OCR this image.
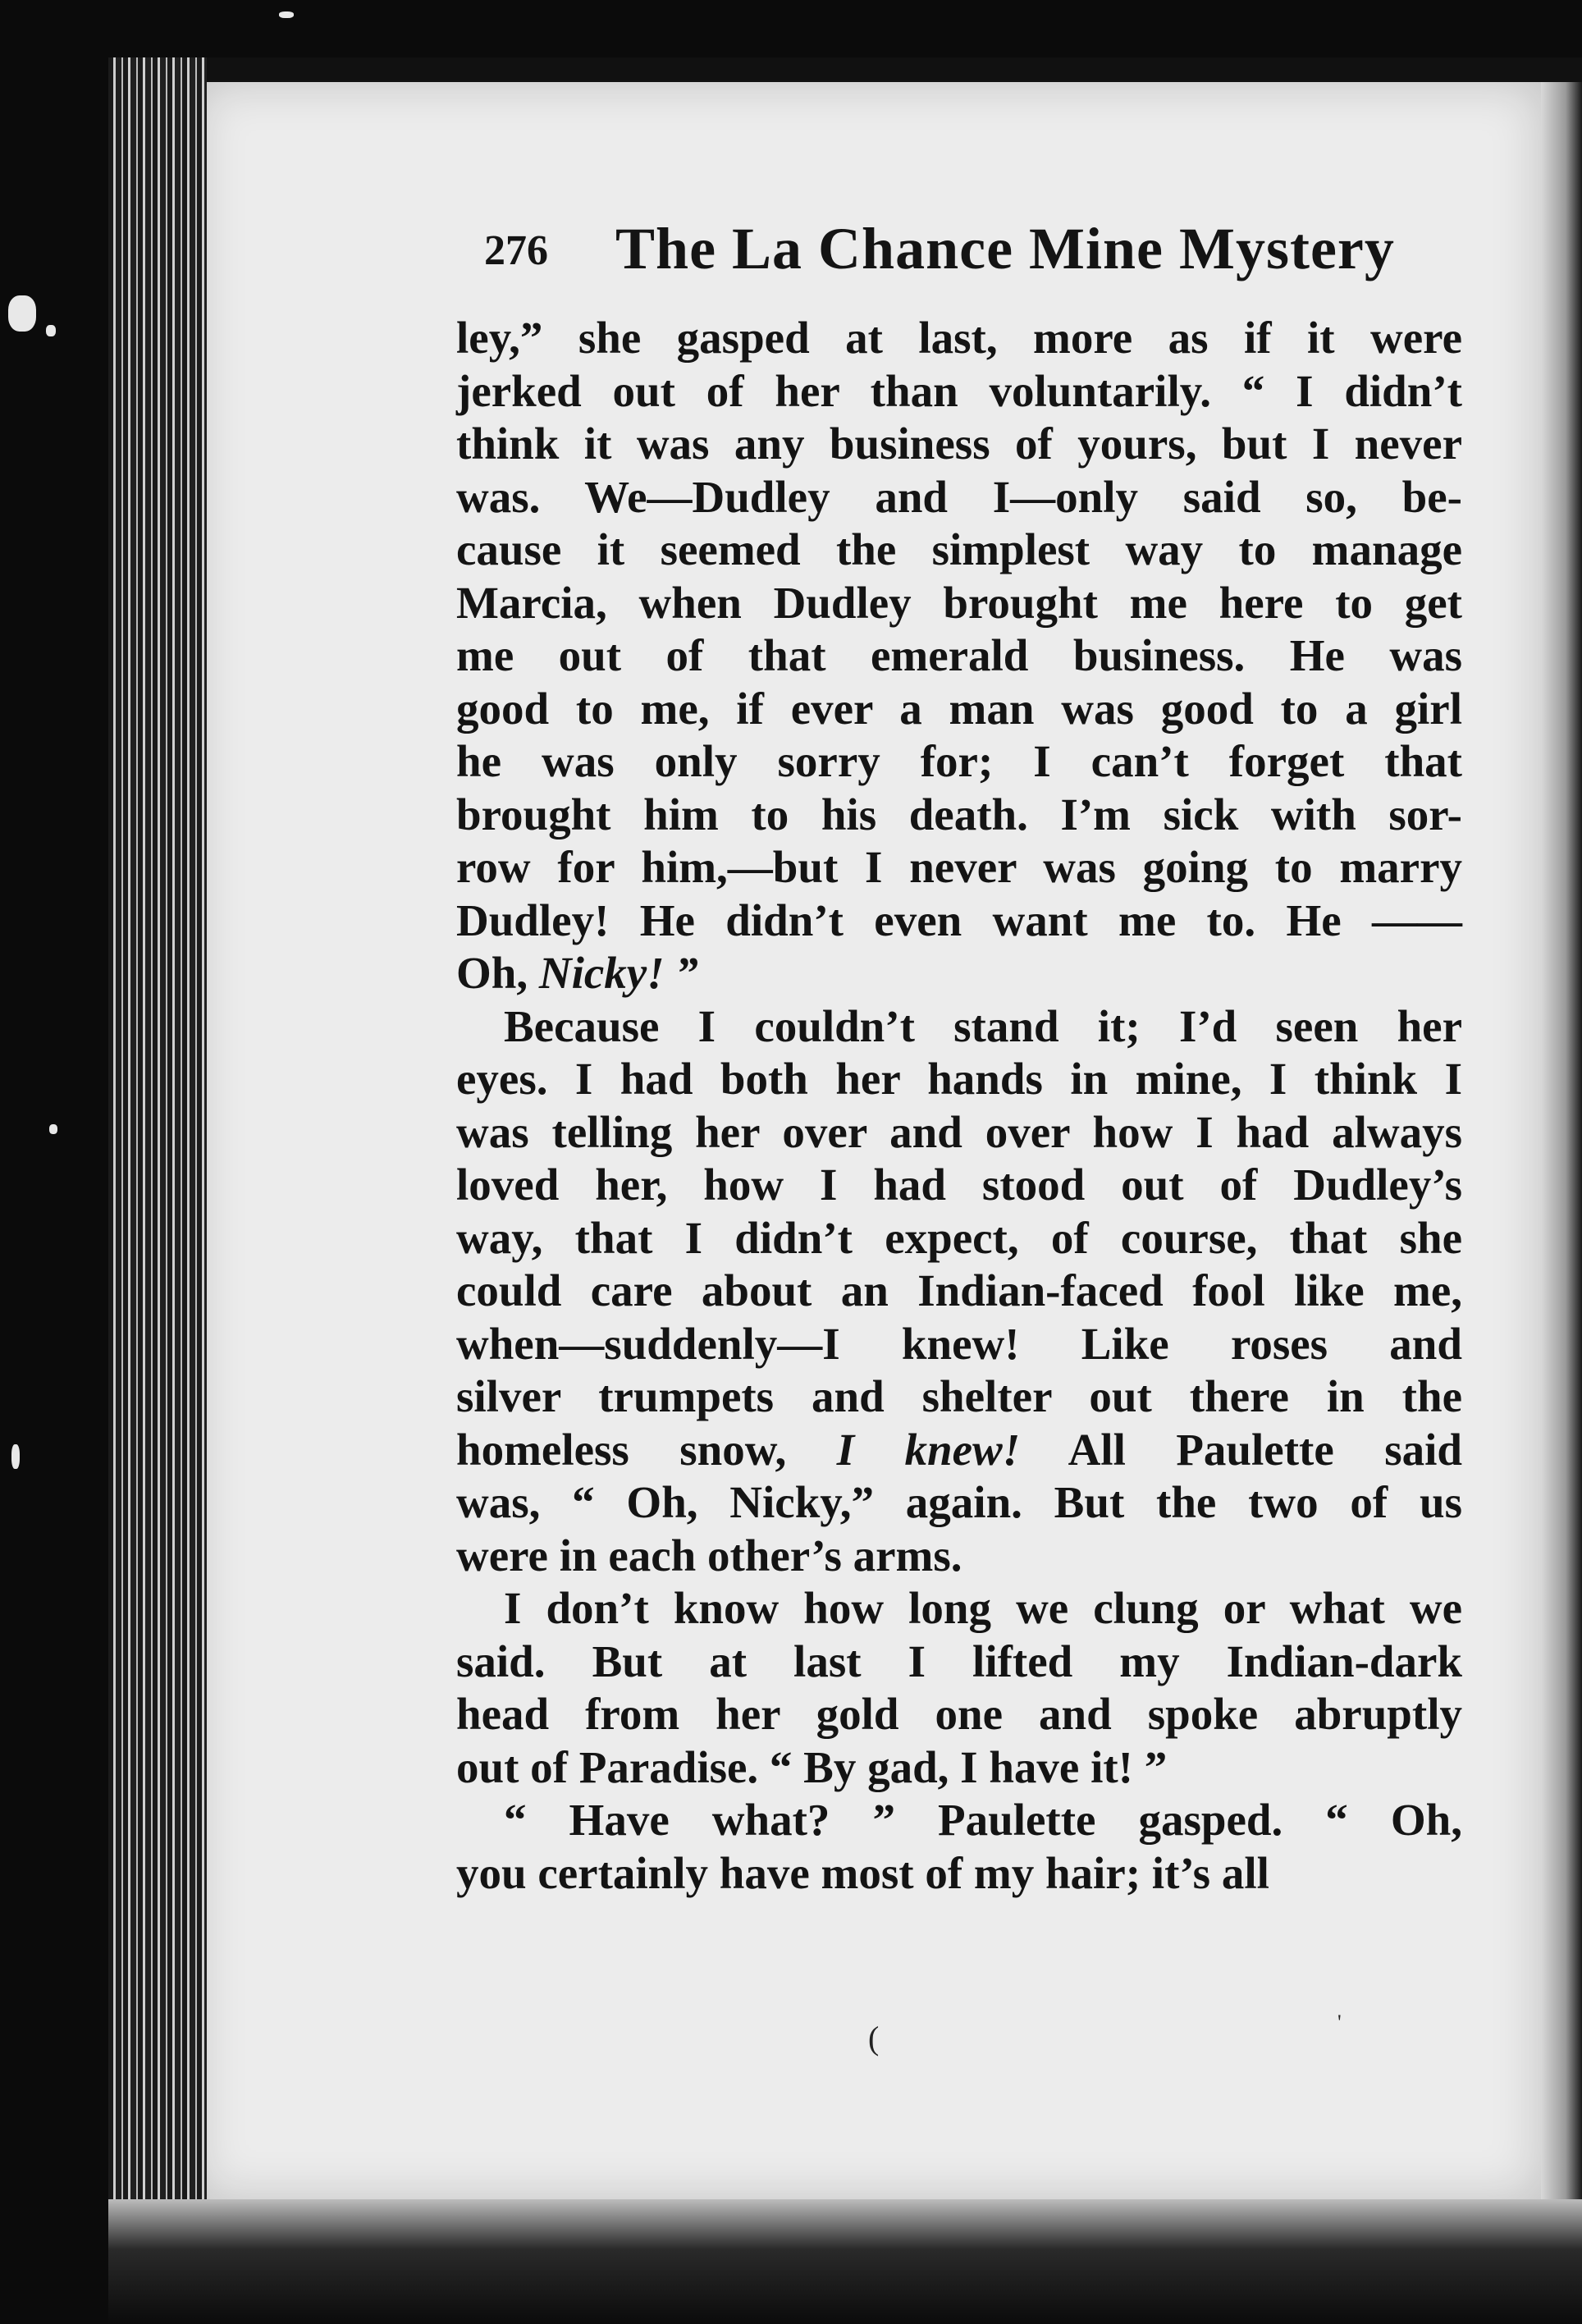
276 The La Chance Mine Mystery
ley,” she gasped at last, more as if it were
jerked out of her than voluntarily. “ I didn’t
think it was any business of yours, but I never
was. We—Dudley and I—only said so, be-
cause it seemed the simplest way to manage
Marcia, when Dudley brought me here to get
me out of that emerald business. He was
good to me, if ever a man was good to a girl
he was only sorry for; I can’t forget that
brought him to his death. I’m sick with sor-
row for him,—but I never was going to marry
Dudley! He didn’t even want me to. He ——
Oh, Nicky! ”
Because I couldn’t stand it; I’d seen her
eyes. I had both her hands in mine, I think I
was telling her over and over how I had always
loved her, how I had stood out of Dudley’s
way, that I didn’t expect, of course, that she
could care about an Indian-faced fool like me,
when—suddenly—I knew! Like roses and
silver trumpets and shelter out there in the
homeless snow, I knew! All Paulette said
was, “ Oh, Nicky,” again. But the two of us
were in each other’s arms.
I don’t know how long we clung or what we
said. But at last I lifted my Indian-dark
head from her gold one and spoke abruptly
out of Paradise. “ By gad, I have it! ”
“ Have what? ” Paulette gasped. “ Oh,
you certainly have most of my hair; it’s all
(	'
